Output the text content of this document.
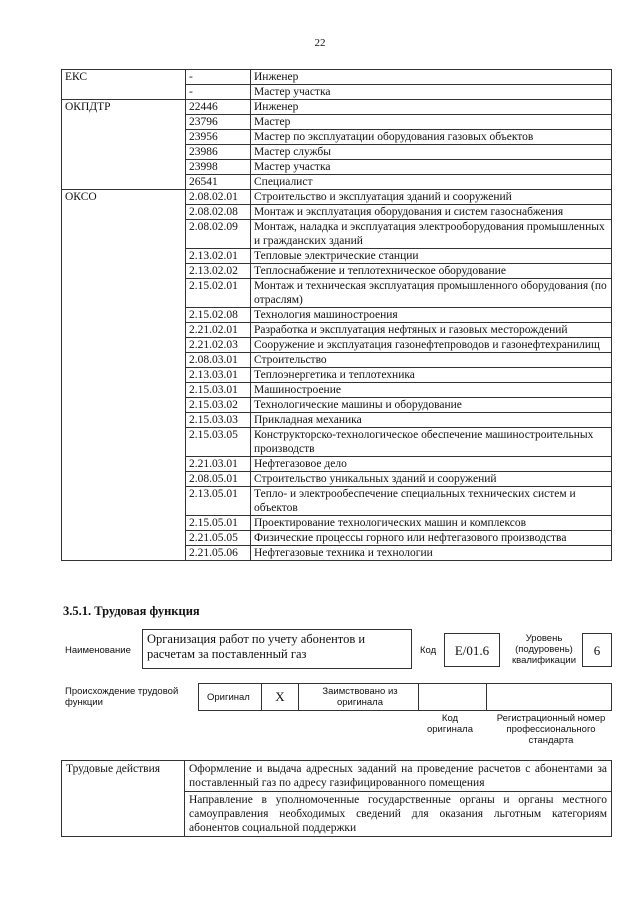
22
ЕКС	-	Инженер
	-	Мастер участка
ОКПДТР	22446	Инженер
	23796	Мастер
	23956	Мастер по эксплуатации оборудования газовых объектов
	23986	Мастер службы
	23998	Мастер участка
	26541	Специалист
ОКСО	2.08.02.01	Строительство и эксплуатация зданий и сооружений
	2.08.02.08	Монтаж и эксплуатация оборудования и систем газоснабжения
	2.08.02.09	Монтаж, наладка и эксплуатация электрооборудования промышленных и гражданских зданий
	2.13.02.01	Тепловые электрические станции
	2.13.02.02	Теплоснабжение и теплотехническое оборудование
	2.15.02.01	Монтаж и техническая эксплуатация промышленного оборудования (по отраслям)
	2.15.02.08	Технология машиностроения
	2.21.02.01	Разработка и эксплуатация нефтяных и газовых месторождений
	2.21.02.03	Сооружение и эксплуатация газонефтепроводов и газонефтехранилищ
	2.08.03.01	Строительство
	2.13.03.01	Теплоэнергетика и теплотехника
	2.15.03.01	Машиностроение
	2.15.03.02	Технологические машины и оборудование
	2.15.03.03	Прикладная механика
	2.15.03.05	Конструкторско-технологическое обеспечение машиностроительных производств
	2.21.03.01	Нефтегазовое дело
	2.08.05.01	Строительство уникальных зданий и сооружений
	2.13.05.01	Тепло- и электрообеспечение специальных технических систем и объектов
	2.15.05.01	Проектирование технологических машин и комплексов
	2.21.05.05	Физические процессы горного или нефтегазового производства
	2.21.05.06	Нефтегазовые техника и технологии
3.5.1. Трудовая функция
Наименование
Организация работ по учету абонентов и расчетам за поставленный газ	Код	E/01.6
Уровень (подуровень) квалификации
6
Происхождение трудовой функции	Оригинал	X	Заимствовано из оригинала
Код оригинала
Регистрационный номер профессионального стандарта
Трудовые действия	Оформление и выдача адресных заданий на проведение расчетов с абонентами за поставленный газ по адресу газифицированного помещения
Направление в уполномоченные государственные органы и органы местного самоуправления необходимых сведений для оказания льготным категориям абонентов социальной поддержки
